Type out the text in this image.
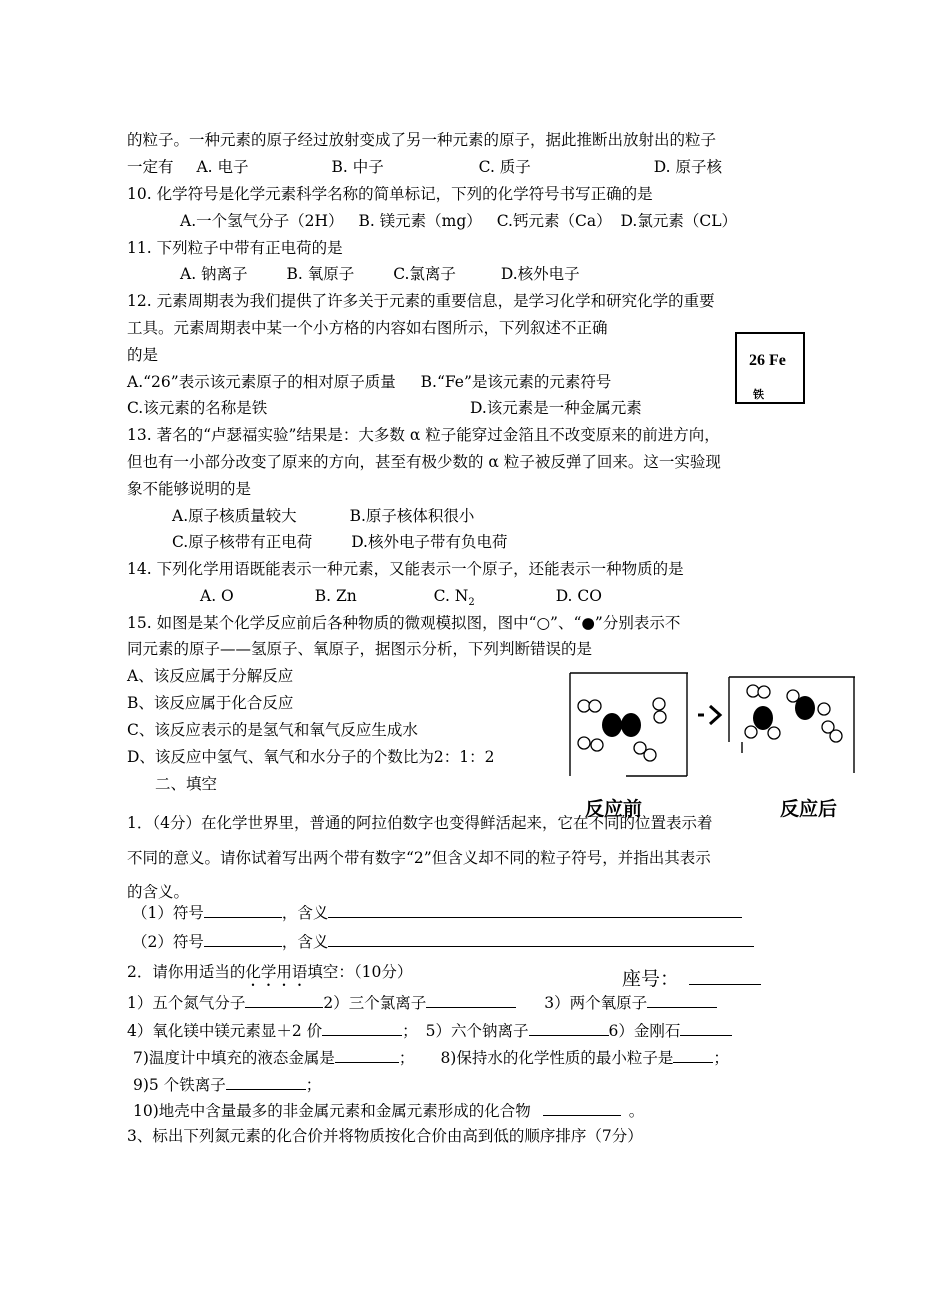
的粒子。一种元素的原子经过放射变成了另一种元素的原子，据此推断出放射出的粒子
一定有 A. 电子	B. 中子	C. 质子	D. 原子核
10. 化学符号是化学元素科学名称的简单标记，下列的化学符号书写正确的是
A.一个氢气分子（2H） B. 镁元素（mg） C.钙元素（Ca） D.氯元素（CL）
11. 下列粒子中带有正电荷的是
A. 钠离子	B. 氧原子	C.氯离子	D.核外电子
12. 元素周期表为我们提供了许多关于元素的重要信息，是学习化学和研究化学的重要
工具。元素周期表中某一个小方格的内容如右图所示，下列叙述不正确
的是
A.“26”表示该元素原子的相对原子质量 B.“Fe”是该元素的元素符号
C.该元素的名称是铁	D.该元素是一种金属元素
26 Fe
铁
13. 著名的“卢瑟福实验”结果是：大多数 α 粒子能穿过金箔且不改变原来的前进方向，
但也有一小部分改变了原来的方向，甚至有极少数的 α 粒子被反弹了回来。这一实验现
象不能够说明的是
A.原子核质量较大	B.原子核体积很小
C.原子核带有正电荷	D.核外电子带有负电荷
14. 下列化学用语既能表示一种元素，又能表示一个原子，还能表示一种物质的是
A. O	B. Zn	C. $N_2$	D. CO
15. 如图是某个化学反应前后各种物质的微观模拟图，图中“○”、“●”分别表示不
同元素的原子——氢原子、氧原子，据图示分析，下列判断错误的是
A、该反应属于分解反应
B、该反应属于化合反应
C、该反应表示的是氢气和氧气反应生成水
D、该反应中氢气、氧气和水分子的个数比为2：1：2
反应前	反应后
二、填空
1．（4分）在化学世界里，普通的阿拉伯数字也变得鲜活起来，它在不同的位置表示着
不同的意义。请你试着写出两个带有数字“2”但含义却不同的粒子符号，并指出其表示
的含义。
（1）符号	，含义
（2）符号	，含义
2．请你用适当的化学用语填空：（10分）	座号：
1）五个氮气分子	2）三个氯离子	3）两个氧原子
4）氧化镁中镁元素显＋2 价	； 5）六个钠离子	6）金刚石
7)温度计中填充的液态金属是	； 8)保持水的化学性质的最小粒子是	；
9)5 个铁离子	；
10)地壳中含量最多的非金属元素和金属元素形成的化合物	。
3、标出下列氮元素的化合价并将物质按化合价由高到低的顺序排序（7分）
